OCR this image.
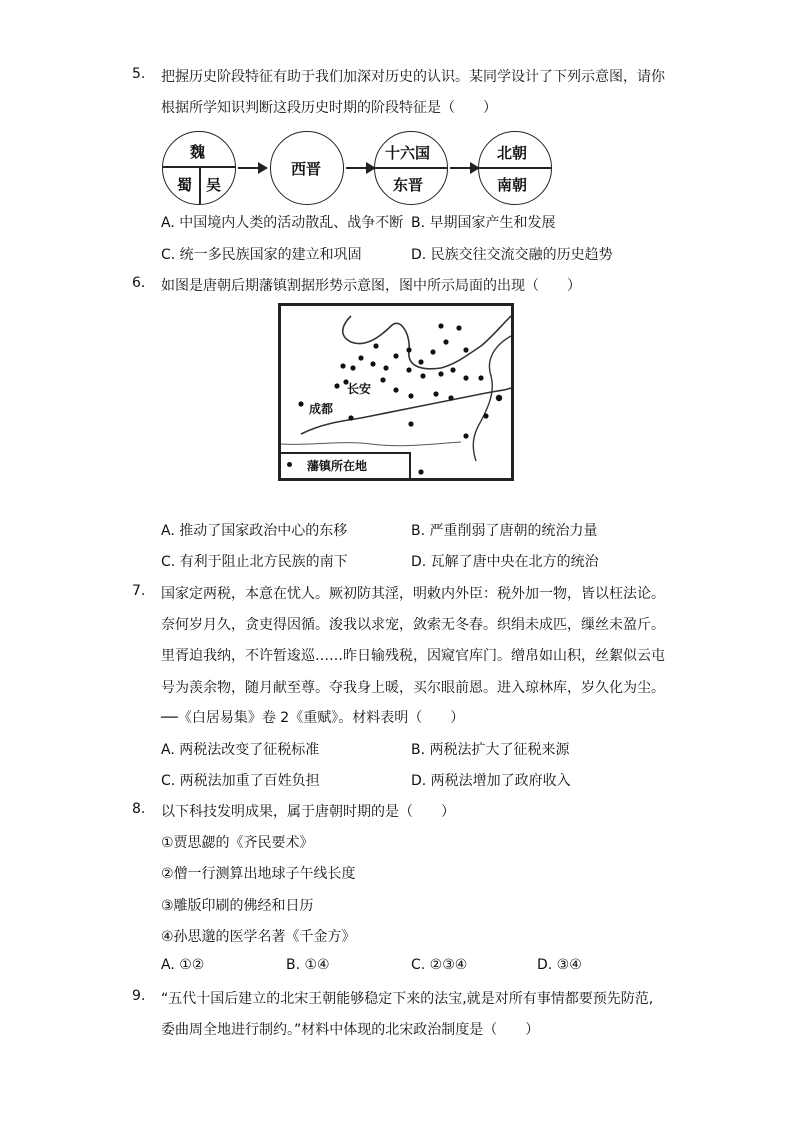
5.	把握历史阶段特征有助于我们加深对历史的认识。某同学设计了下列示意图，请你
根据所学知识判断这段历史时期的阶段特征是（　　）
魏
蜀 吴
西晋
十六国
东晋
北朝
南朝
A. 中国境内人类的活动散乱、战争不断 B. 早期国家产生和发展
C. 统一多民族国家的建立和巩固	D. 民族交往交流交融的历史趋势
6.	如图是唐朝后期藩镇割据形势示意图，图中所示局面的出现（　　）
长安
成都
藩镇所在地
A. 推动了国家政治中心的东移	B. 严重削弱了唐朝的统治力量
C. 有利于阻止北方民族的南下	D. 瓦解了唐中央在北方的统治
7.	国家定两税，本意在忧人。厥初防其淫，明敕内外臣：税外加一物，皆以枉法论。
奈何岁月久，贪吏得因循。浚我以求宠，敛索无冬春。织绢未成匹，缫丝未盈斤。
里胥迫我纳，不许暂逡巡……昨日输残税，因窥官库门。缯帛如山积，丝絮似云屯
号为羡余物，随月献至尊。夺我身上暖，买尔眼前恩。进入琼林库，岁久化为尘。
──《白居易集》卷 2《重赋》。材料表明（　　）
A. 两税法改变了征税标准	B. 两税法扩大了征税来源
C. 两税法加重了百姓负担	D. 两税法增加了政府收入
8.	以下科技发明成果，属于唐朝时期的是（　　）
①贾思勰的《齐民要术》
②僧一行测算出地球子午线长度
③雕版印刷的佛经和日历
④孙思邈的医学名著《千金方》
A. ①②	B. ①④	C. ②③④	D. ③④
9.	“五代十国后建立的北宋王朝能够稳定下来的法宝,就是对所有事情都要预先防范,
委曲周全地进行制约。”材料中体现的北宋政治制度是（　　）
